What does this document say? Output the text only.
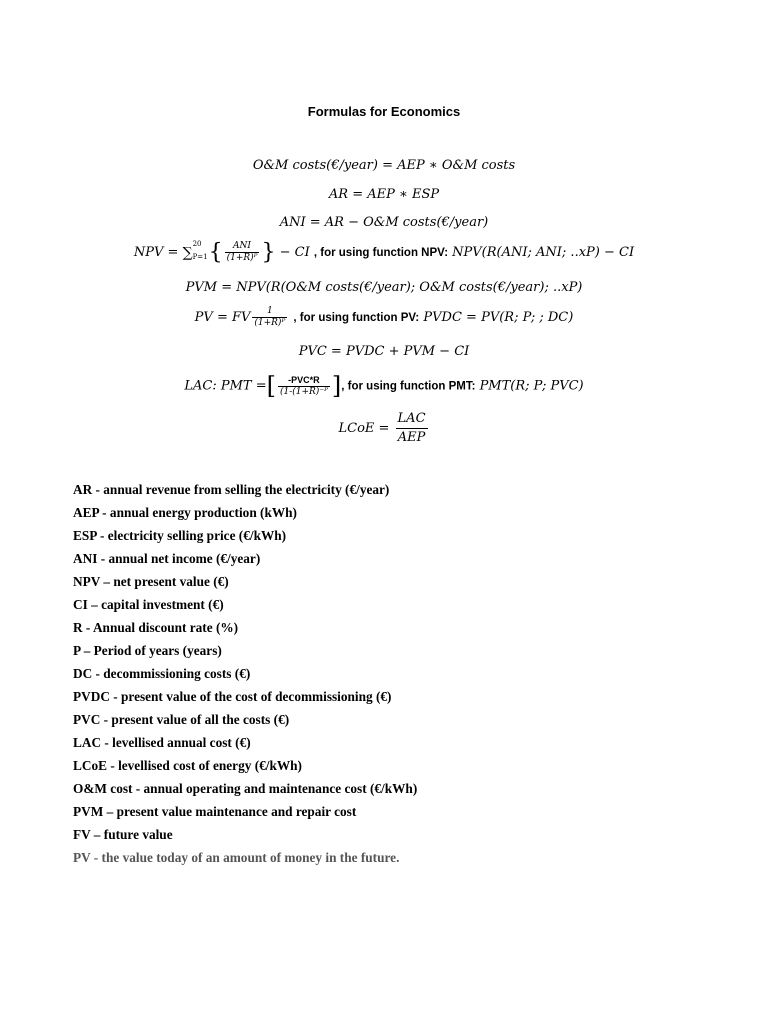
Formulas for Economics
O&M costs(€/year) = AEP ∗ O&M costs
AR = AEP ∗ ESP
ANI = AR − O&M costs(€/year)
NPV = ∑
20
P=1 { $\frac{\text{ANI}}{\text{(1+R)ᴾ}}$ } − CI , for using function NPV: NPV(R(ANI; ANI; ..xP) − CI
PVM = NPV(R(O&M costs(€/year); O&M costs(€/year); ..xP)
PV = FV $\frac{1}{\text{(1+R)ᴾ}}$ , for using function PV: PVDC = PV(R; P; ; DC)
PVC = PVDC + PVM − CI
LAC: PMT =[ $\frac{\text{-PVC*R}}{\text{(1-(1+R)⁻ᴾ}}$ ], for using function PMT: PMT(R; P; PVC)
LCoE = $\frac{\text{LAC}}{\text{AEP}}$
AR - annual revenue from selling the electricity (€/year)
AEP - annual energy production (kWh)
ESP - electricity selling price (€/kWh)
ANI - annual net income (€/year)
NPV – net present value (€)
CI – capital investment (€)
R - Annual discount rate (%)
P – Period of years (years)
DC - decommissioning costs (€)
PVDC - present value of the cost of decommissioning (€)
PVC - present value of all the costs (€)
LAC - levellised annual cost (€)
LCoE - levellised cost of energy (€/kWh)
O&M cost - annual operating and maintenance cost (€/kWh)
PVM – present value maintenance and repair cost
FV – future value
PV - the value today of an amount of money in the future.
